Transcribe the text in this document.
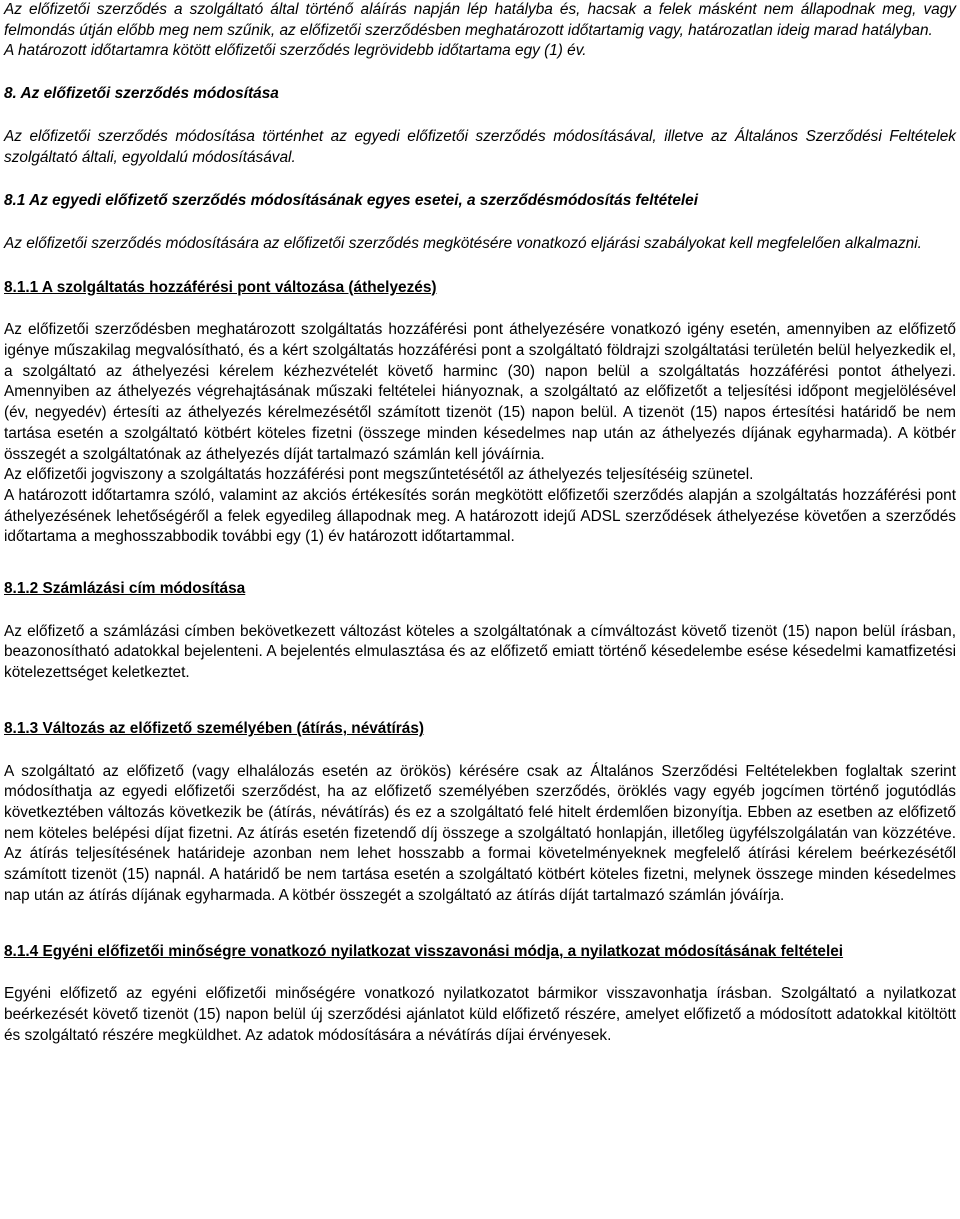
Az előfizetői szerződés a szolgáltató által történő aláírás napján lép hatályba és, hacsak a felek másként nem állapodnak meg, vagy felmondás útján előbb meg nem szűnik, az előfizetői szerződésben meghatározott időtartamig vagy, határozatlan ideig marad hatályban.

A határozott időtartamra kötött előfizetői szerződés legrövidebb időtartama egy (1) év.

8. Az előfizetői szerződés módosítása

Az előfizetői szerződés módosítása történhet az egyedi előfizetői szerződés módosításával, illetve az Általános Szerződési Feltételek szolgáltató általi, egyoldalú módosításával.

8.1 Az egyedi előfizető szerződés módosításának egyes esetei, a szerződésmódosítás feltételei

Az előfizetői szerződés módosítására az előfizetői szerződés megkötésére vonatkozó eljárási szabályokat kell megfelelően alkalmazni.

8.1.1 A szolgáltatás hozzáférési pont változása (áthelyezés)

Az előfizetői szerződésben meghatározott szolgáltatás hozzáférési pont áthelyezésére vonatkozó igény esetén, amennyiben az előfizető igénye műszakilag megvalósítható, és a kért szolgáltatás hozzáférési pont a szolgáltató földrajzi szolgáltatási területén belül helyezkedik el, a szolgáltató az áthelyezési kérelem kézhezvételét követő harminc (30) napon belül a szolgáltatás hozzáférési pontot áthelyezi. Amennyiben az áthelyezés végrehajtásának műszaki feltételei hiányoznak, a szolgáltató az előfizetőt a teljesítési időpont megjelölésével (év, negyedév) értesíti az áthelyezés kérelmezésétől számított tizenöt (15) napon belül. A tizenöt (15) napos értesítési határidő be nem tartása esetén a szolgáltató kötbért köteles fizetni (összege minden késedelmes nap után az áthelyezés díjának egyharmada). A kötbér összegét a szolgáltatónak az áthelyezés díját tartalmazó számlán kell jóváírnia.

Az előfizetői jogviszony a szolgáltatás hozzáférési pont megszűntetésétől az áthelyezés teljesítéséig szünetel.

A határozott időtartamra szóló, valamint az akciós értékesítés során megkötött előfizetői szerződés alapján a szolgáltatás hozzáférési pont áthelyezésének lehetőségéről a felek egyedileg állapodnak meg. A határozott idejű ADSL szerződések áthelyezése követően a szerződés időtartama a meghosszabbodik további egy (1) év határozott időtartammal.

8.1.2 Számlázási cím módosítása

Az előfizető a számlázási címben bekövetkezett változást köteles a szolgáltatónak a címváltozást követő tizenöt (15) napon belül írásban, beazonosítható adatokkal bejelenteni. A bejelentés elmulasztása és az előfizető emiatt történő késedelembe esése késedelmi kamatfizetési kötelezettséget keletkeztet.

8.1.3 Változás az előfizető személyében (átírás, névátírás)

A szolgáltató az előfizető (vagy elhalálozás esetén az örökös) kérésére csak az Általános Szerződési Feltételekben foglaltak szerint módosíthatja az egyedi előfizetői szerződést, ha az előfizető személyében szerződés, öröklés vagy egyéb jogcímen történő jogutódlás következtében változás következik be (átírás, névátírás) és ez a szolgáltató felé hitelt érdemlően bizonyítja. Ebben az esetben az előfizető nem köteles belépési díjat fizetni. Az átírás esetén fizetendő díj összege a szolgáltató honlapján, illetőleg ügyfélszolgálatán van közzétéve. Az átírás teljesítésének határideje azonban nem lehet hosszabb a formai követelményeknek megfelelő átírási kérelem beérkezésétől számított tizenöt (15) napnál. A határidő be nem tartása esetén a szolgáltató kötbért köteles fizetni, melynek összege minden késedelmes nap után az átírás díjának egyharmada. A kötbér összegét a szolgáltató az átírás díját tartalmazó számlán jóváírja.

8.1.4 Egyéni előfizetői minőségre vonatkozó nyilatkozat visszavonási módja, a nyilatkozat módosításának feltételei

Egyéni előfizető az egyéni előfizetői minőségére vonatkozó nyilatkozatot bármikor visszavonhatja írásban. Szolgáltató a nyilatkozat beérkezését követő tizenöt (15) napon belül új szerződési ajánlatot küld előfizető részére, amelyet előfizető a módosított adatokkal kitöltött és szolgáltató részére megküldhet. Az adatok módosítására a névátírás díjai érvényesek.
